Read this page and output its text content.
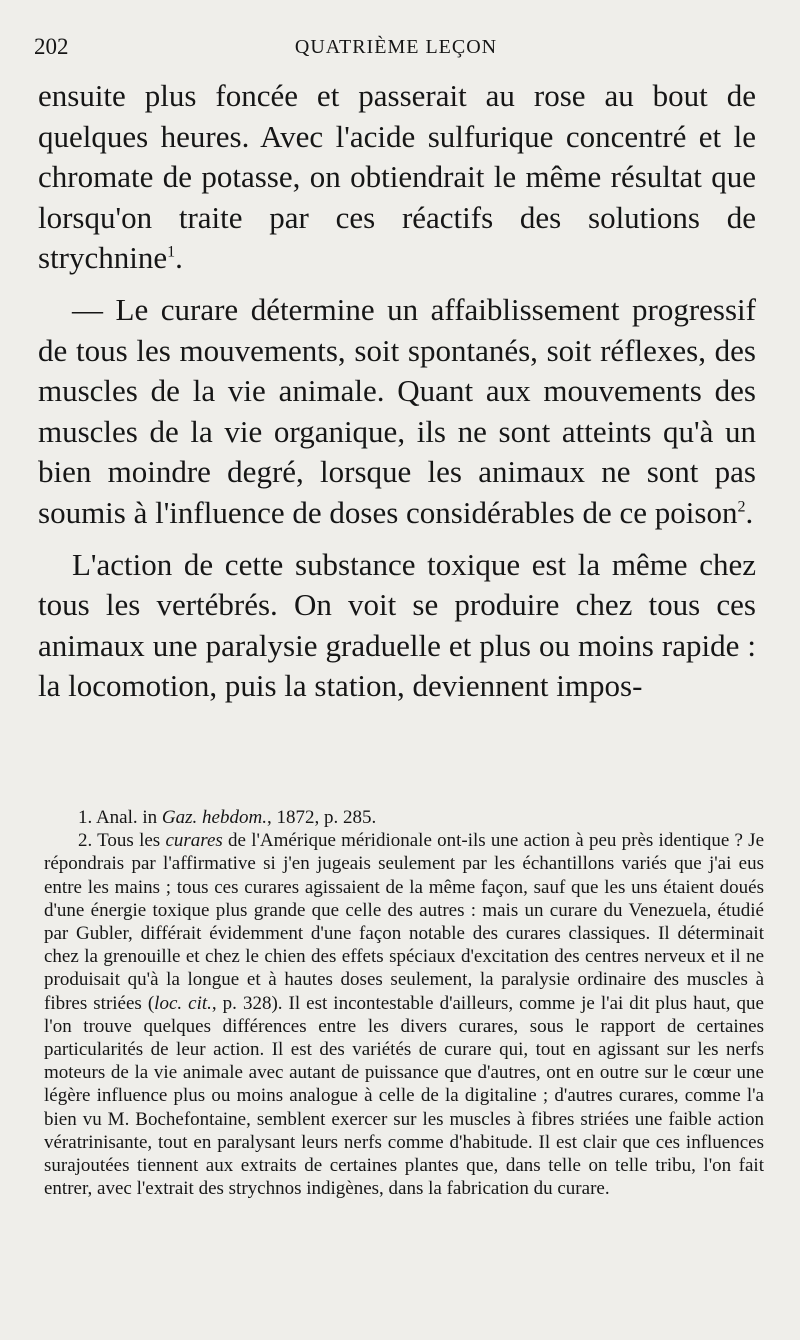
202	QUATRIÈME LEÇON

ensuite plus foncée et passerait au rose au bout de quelques heures. Avec l'acide sulfurique concentré et le chromate de potasse, on obtiendrait le même résultat que lorsqu'on traite par ces réactifs des solutions de strychnine$^1$.

— Le curare détermine un affaiblissement progressif de tous les mouvements, soit spontanés, soit réflexes, des muscles de la vie animale. Quant aux mouvements des muscles de la vie organique, ils ne sont atteints qu'à un bien moindre degré, lorsque les animaux ne sont pas soumis à l'influence de doses considérables de ce poison$^2$.

L'action de cette substance toxique est la même chez tous les vertébrés. On voit se produire chez tous ces animaux une paralysie graduelle et plus ou moins rapide : la locomotion, puis la station, deviennent impos-

1. Anal. in Gaz. hebdom., 1872, p. 285.

2. Tous les curares de l'Amérique méridionale ont-ils une action à peu près identique ? Je répondrais par l'affirmative si j'en jugeais seulement par les échantillons variés que j'ai eus entre les mains ; tous ces curares agissaient de la même façon, sauf que les uns étaient doués d'une énergie toxique plus grande que celle des autres : mais un curare du Venezuela, étudié par Gubler, différait évidemment d'une façon notable des curares classiques. Il déterminait chez la grenouille et chez le chien des effets spéciaux d'excitation des centres nerveux et il ne produisait qu'à la longue et à hautes doses seulement, la paralysie ordinaire des muscles à fibres striées (loc. cit., p. 328). Il est incontestable d'ailleurs, comme je l'ai dit plus haut, que l'on trouve quelques différences entre les divers curares, sous le rapport de certaines particularités de leur action. Il est des variétés de curare qui, tout en agissant sur les nerfs moteurs de la vie animale avec autant de puissance que d'autres, ont en outre sur le cœur une légère influence plus ou moins analogue à celle de la digitaline ; d'autres curares, comme l'a bien vu M. Bochefontaine, semblent exercer sur les muscles à fibres striées une faible action vératrinisante, tout en paralysant leurs nerfs comme d'habitude. Il est clair que ces influences surajoutées tiennent aux extraits de certaines plantes que, dans telle on telle tribu, l'on fait entrer, avec l'extrait des strychnos indigènes, dans la fabrication du curare.
